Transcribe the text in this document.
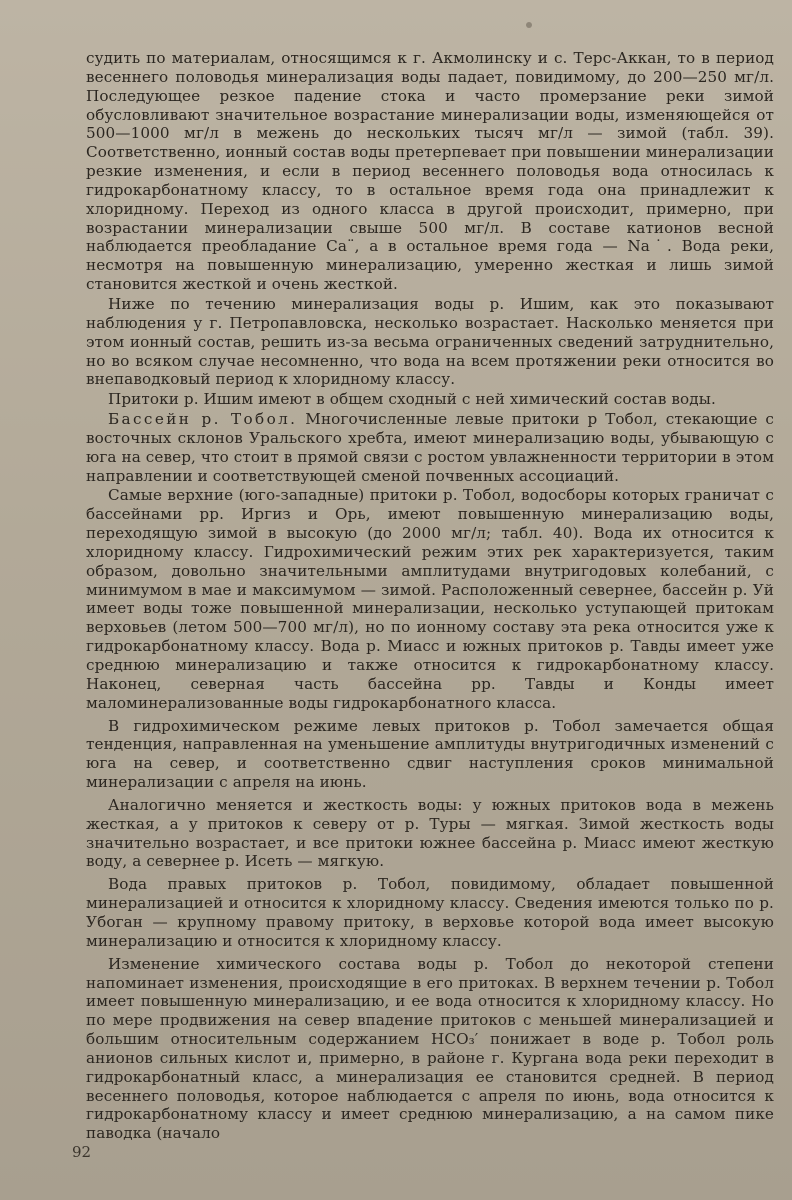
судить по материалам, относящимся к г. Акмолинску и с. Терс-Аккан, то в период весеннего половодья минерализация воды падает, повидимому, до 200—250 мг/л. Последующее резкое падение стока и часто промерзание реки зимой обусловливают значительное возрастание минерализации воды, изменяющейся от 500—1000 мг/л в межень до нескольких тысяч мг/л — зимой (табл. 39). Соответственно, ионный состав воды претерпевает при повышении минерализации резкие изменения, и если в период весеннего половодья вода относилась к гидрокарбонатному классу, то в остальное время года она принадлежит к хлоридному. Переход из одного класса в другой происходит, примерно, при возрастании минерализации свыше 500 мг/л. В составе катионов весной наблюдается преобладание Ca¨, а в остальное время года — Na˙. Вода реки, несмотря на повышенную минерализацию, умеренно жесткая и лишь зимой становится жесткой и очень жесткой.

Ниже по течению минерализация воды р. Ишим, как это показывают наблюдения у г. Петропавловска, несколько возрастает. Насколько меняется при этом ионный состав, решить из-за весьма ограниченных сведений затруднительно, но во всяком случае несомненно, что вода на всем протяжении реки относится во внепаводковый период к хлоридному классу.

Притоки р. Ишим имеют в общем сходный с ней химический состав воды.

Бассейн р. Тобол. Многочисленные левые притоки р Тобол, стекающие с восточных склонов Уральского хребта, имеют минерализацию воды, убывающую с юга на север, что стоит в прямой связи с ростом увлажненности территории в этом направлении и соответствующей сменой почвенных ассоциаций.

Самые верхние (юго-западные) притоки р. Тобол, водосборы которых граничат с бассейнами рр. Иргиз и Орь, имеют повышенную минерализацию воды, переходящую зимой в высокую (до 2000 мг/л; табл. 40). Вода их относится к хлоридному классу. Гидрохимический режим этих рек характеризуется, таким образом, довольно значительными амплитудами внутригодовых колебаний, с минимумом в мае и максимумом — зимой. Расположенный севернее, бассейн р. Уй имеет воды тоже повышенной минерализации, несколько уступающей притокам верховьев (летом 500—700 мг/л), но по ионному составу эта река относится уже к гидрокарбонатному классу. Вода р. Миасс и южных притоков р. Тавды имеет уже среднюю минерализацию и также относится к гидрокарбонатному классу. Наконец, северная часть бассейна рр. Тавды и Конды имеет маломинерализованные воды гидрокарбонатного класса.

В гидрохимическом режиме левых притоков р. Тобол замечается общая тенденция, направленная на уменьшение амплитуды внутригодичных изменений с юга на север, и соответственно сдвиг наступления сроков минимальной минерализации с апреля на июнь.

Аналогично меняется и жесткость воды: у южных притоков вода в межень жесткая, а у притоков к северу от р. Туры — мягкая. Зимой жесткость воды значительно возрастает, и все притоки южнее бассейна р. Миасс имеют жесткую воду, а севернее р. Исеть — мягкую.

Вода правых притоков р. Тобол, повидимому, обладает повышенной минерализацией и относится к хлоридному классу. Сведения имеются только по р. Убоган — крупному правому притоку, в верховье которой вода имеет высокую минерализацию и относится к хлоридному классу.

Изменение химического состава воды р. Тобол до некоторой степени напоминает изменения, происходящие в его притоках. В верхнем течении р. Тобол имеет повышенную минерализацию, и ее вода относится к хлоридному классу. Но по мере продвижения на север впадение притоков с меньшей минерализацией и большим относительным содержанием HCO₃′ понижает в воде р. Тобол роль анионов сильных кислот и, примерно, в районе г. Кургана вода реки переходит в гидрокарбонатный класс, а минерализация ее становится средней. В период весеннего половодья, которое наблюдается с апреля по июнь, вода относится к гидрокарбонатному классу и имеет среднюю минерализацию, а на самом пике паводка (начало

92
